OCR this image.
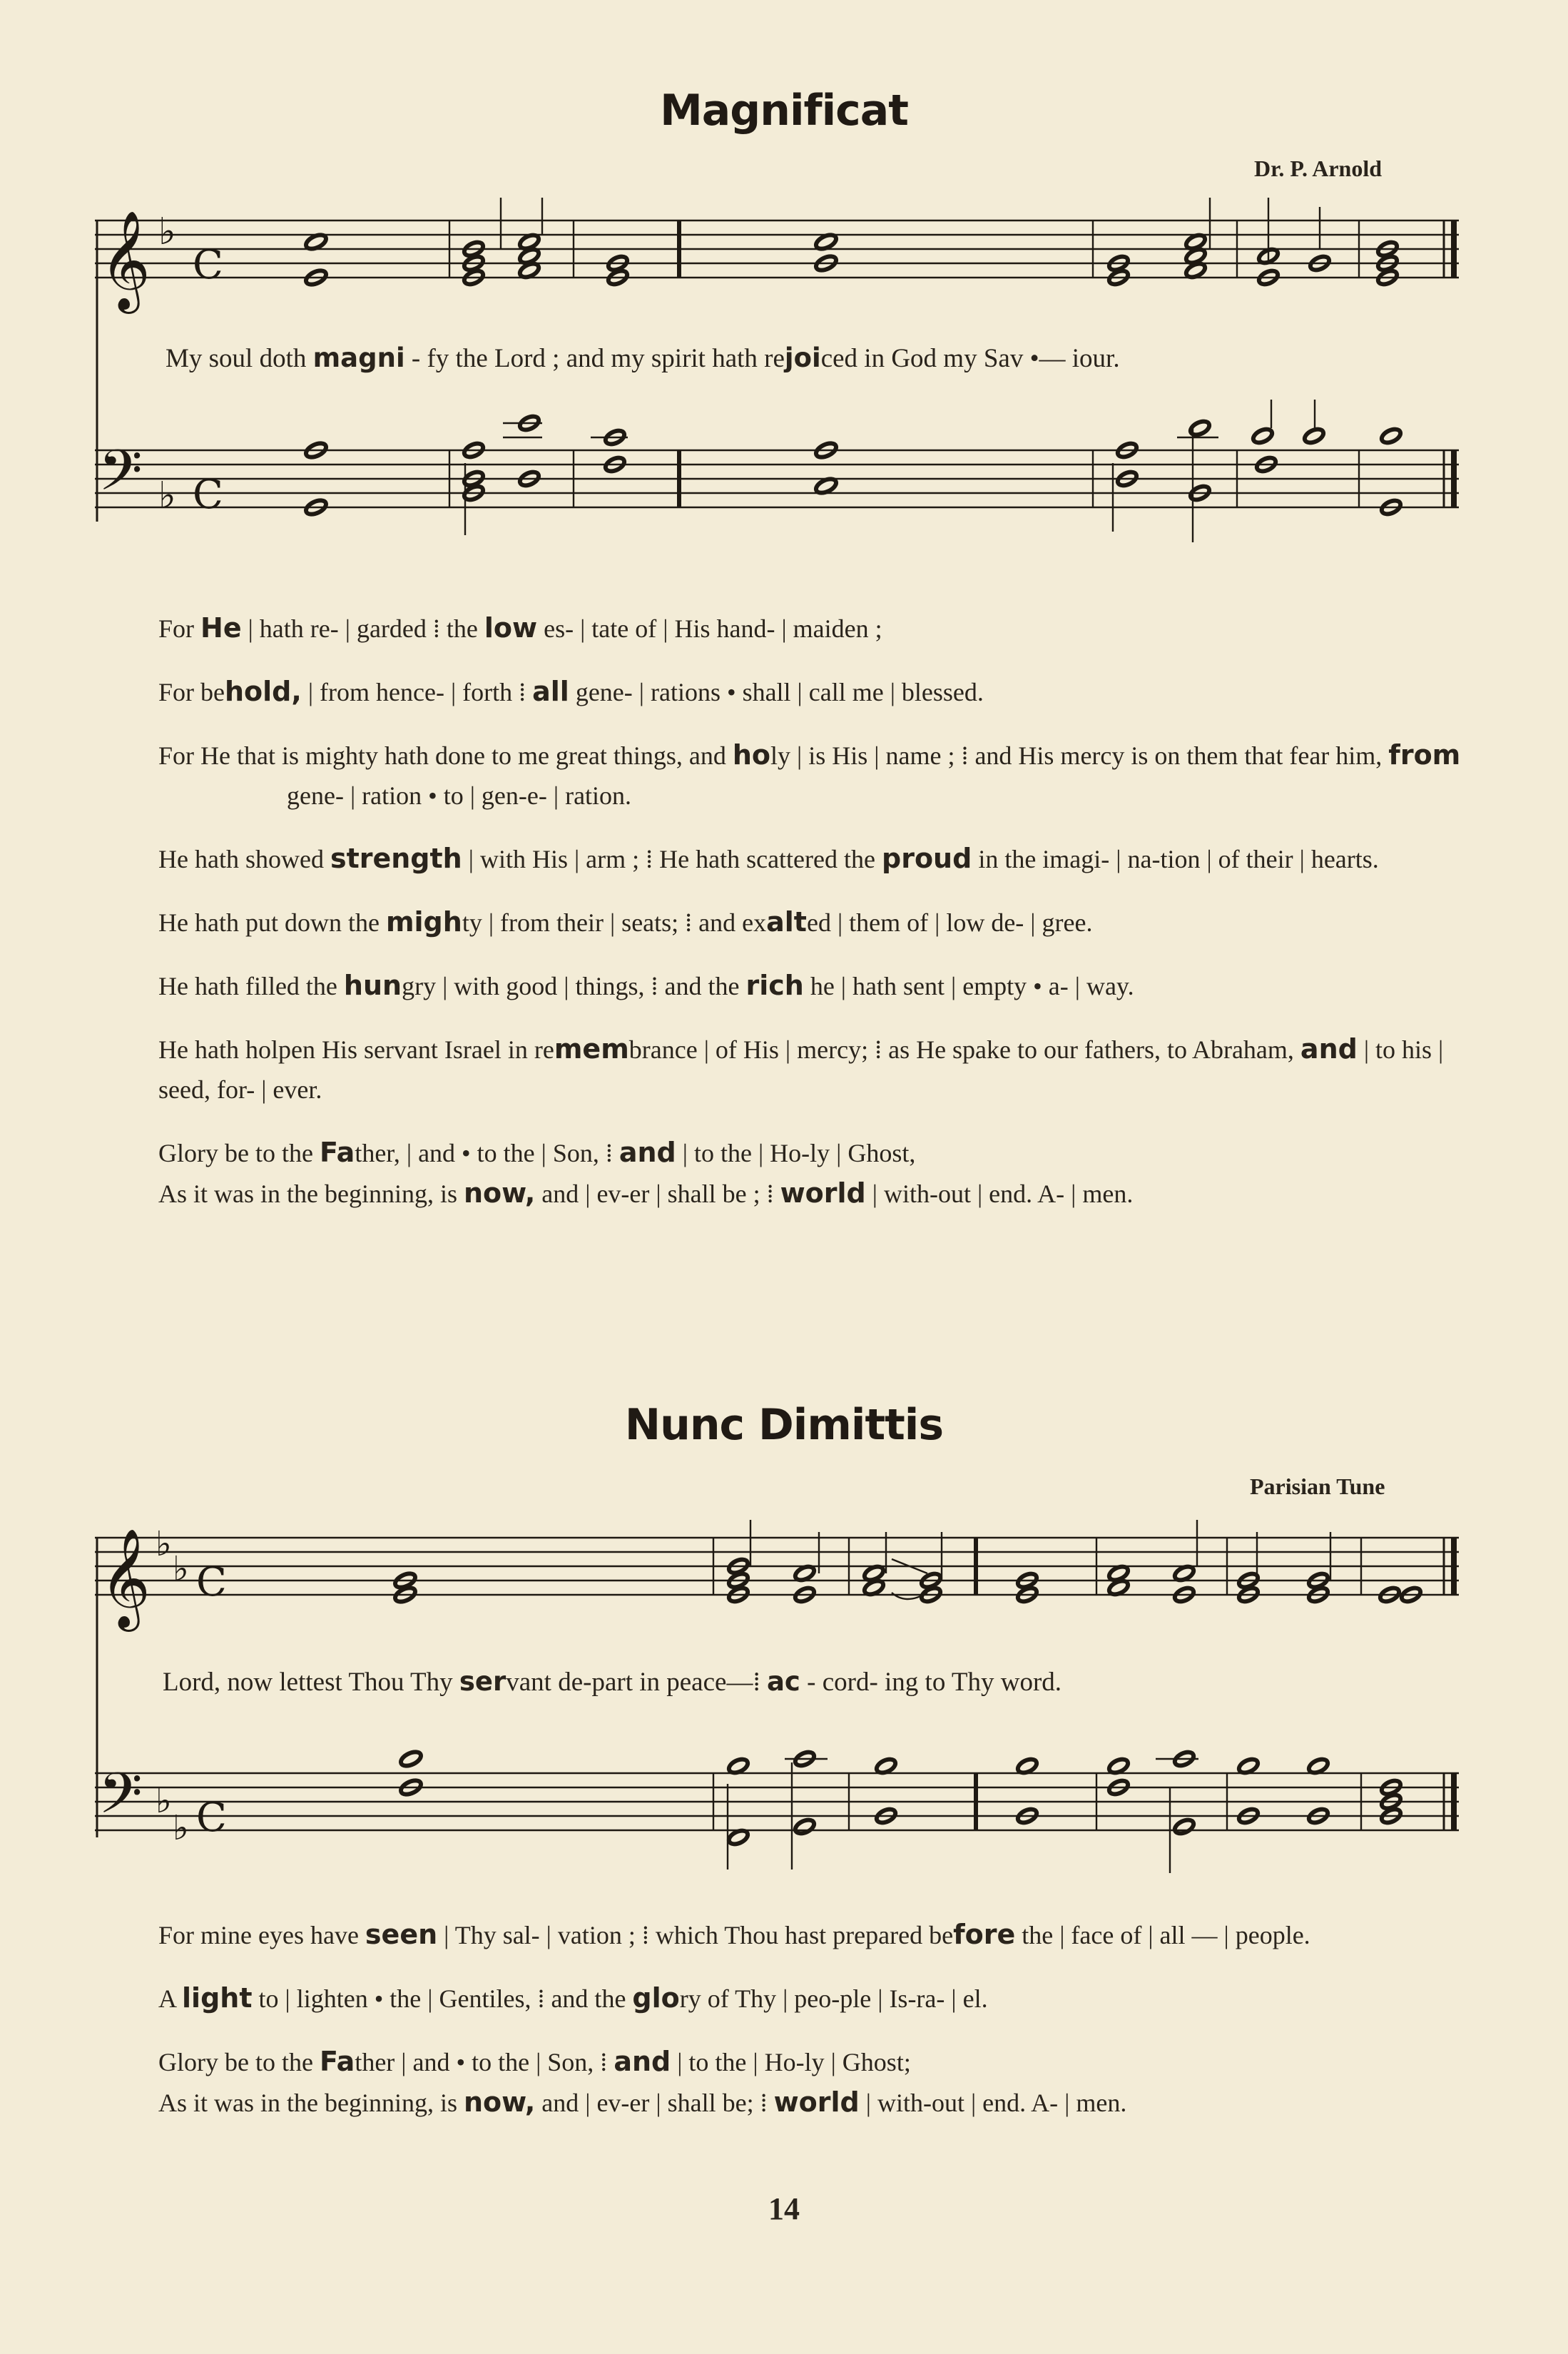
Magnificat
Dr. P. Arnold
𝄞 ♭
C
𝄢 ♭ C
My soul doth magni - fy the Lord ; and my spirit hath rejoiced in God my Sav •— iour.
For He | hath re- | garded ⁞ the low es- | tate of | His hand- | maiden ;
For behold, | from hence- | forth ⁞ all gene- | rations • shall | call me | blessed.
For He that is mighty hath done to me great things, and holy | is His | name ; ⁞ and His mercy is on them that fear him, from gene- | ration • to | gen-e- | ration.
He hath showed strength | with His | arm ; ⁞ He hath scattered the proud in the imagi- | na-tion | of their | hearts.
He hath put down the mighty | from their | seats; ⁞ and exalted | them of | low de- | gree.
He hath filled the hungry | with good | things, ⁞ and the rich he | hath sent | empty • a- | way.
He hath holpen His servant Israel in remembrance | of His | mercy; ⁞ as He spake to our fathers, to Abraham, and | to his | seed, for- | ever.
Glory be to the Father, | and • to the | Son, ⁞ and | to the | Ho-ly | Ghost,
As it was in the beginning, is now, and | ev-er | shall be ; ⁞ world | with-out | end. A- | men.
Nunc Dimittis
Parisian Tune
𝄞 ♭
♭ C
𝄢 ♭
♭ C
Lord, now lettest Thou Thy servant de-part in peace—⁞ ac - cord- ing to Thy word.
For mine eyes have seen | Thy sal- | vation ; ⁞ which Thou hast prepared before the | face of | all — | people.
A light to | lighten • the | Gentiles, ⁞ and the glory of Thy | peo-ple | Is-ra- | el.
Glory be to the Father | and • to the | Son, ⁞ and | to the | Ho-ly | Ghost;
As it was in the beginning, is now, and | ev-er | shall be; ⁞ world | with-out | end. A- | men.
14
